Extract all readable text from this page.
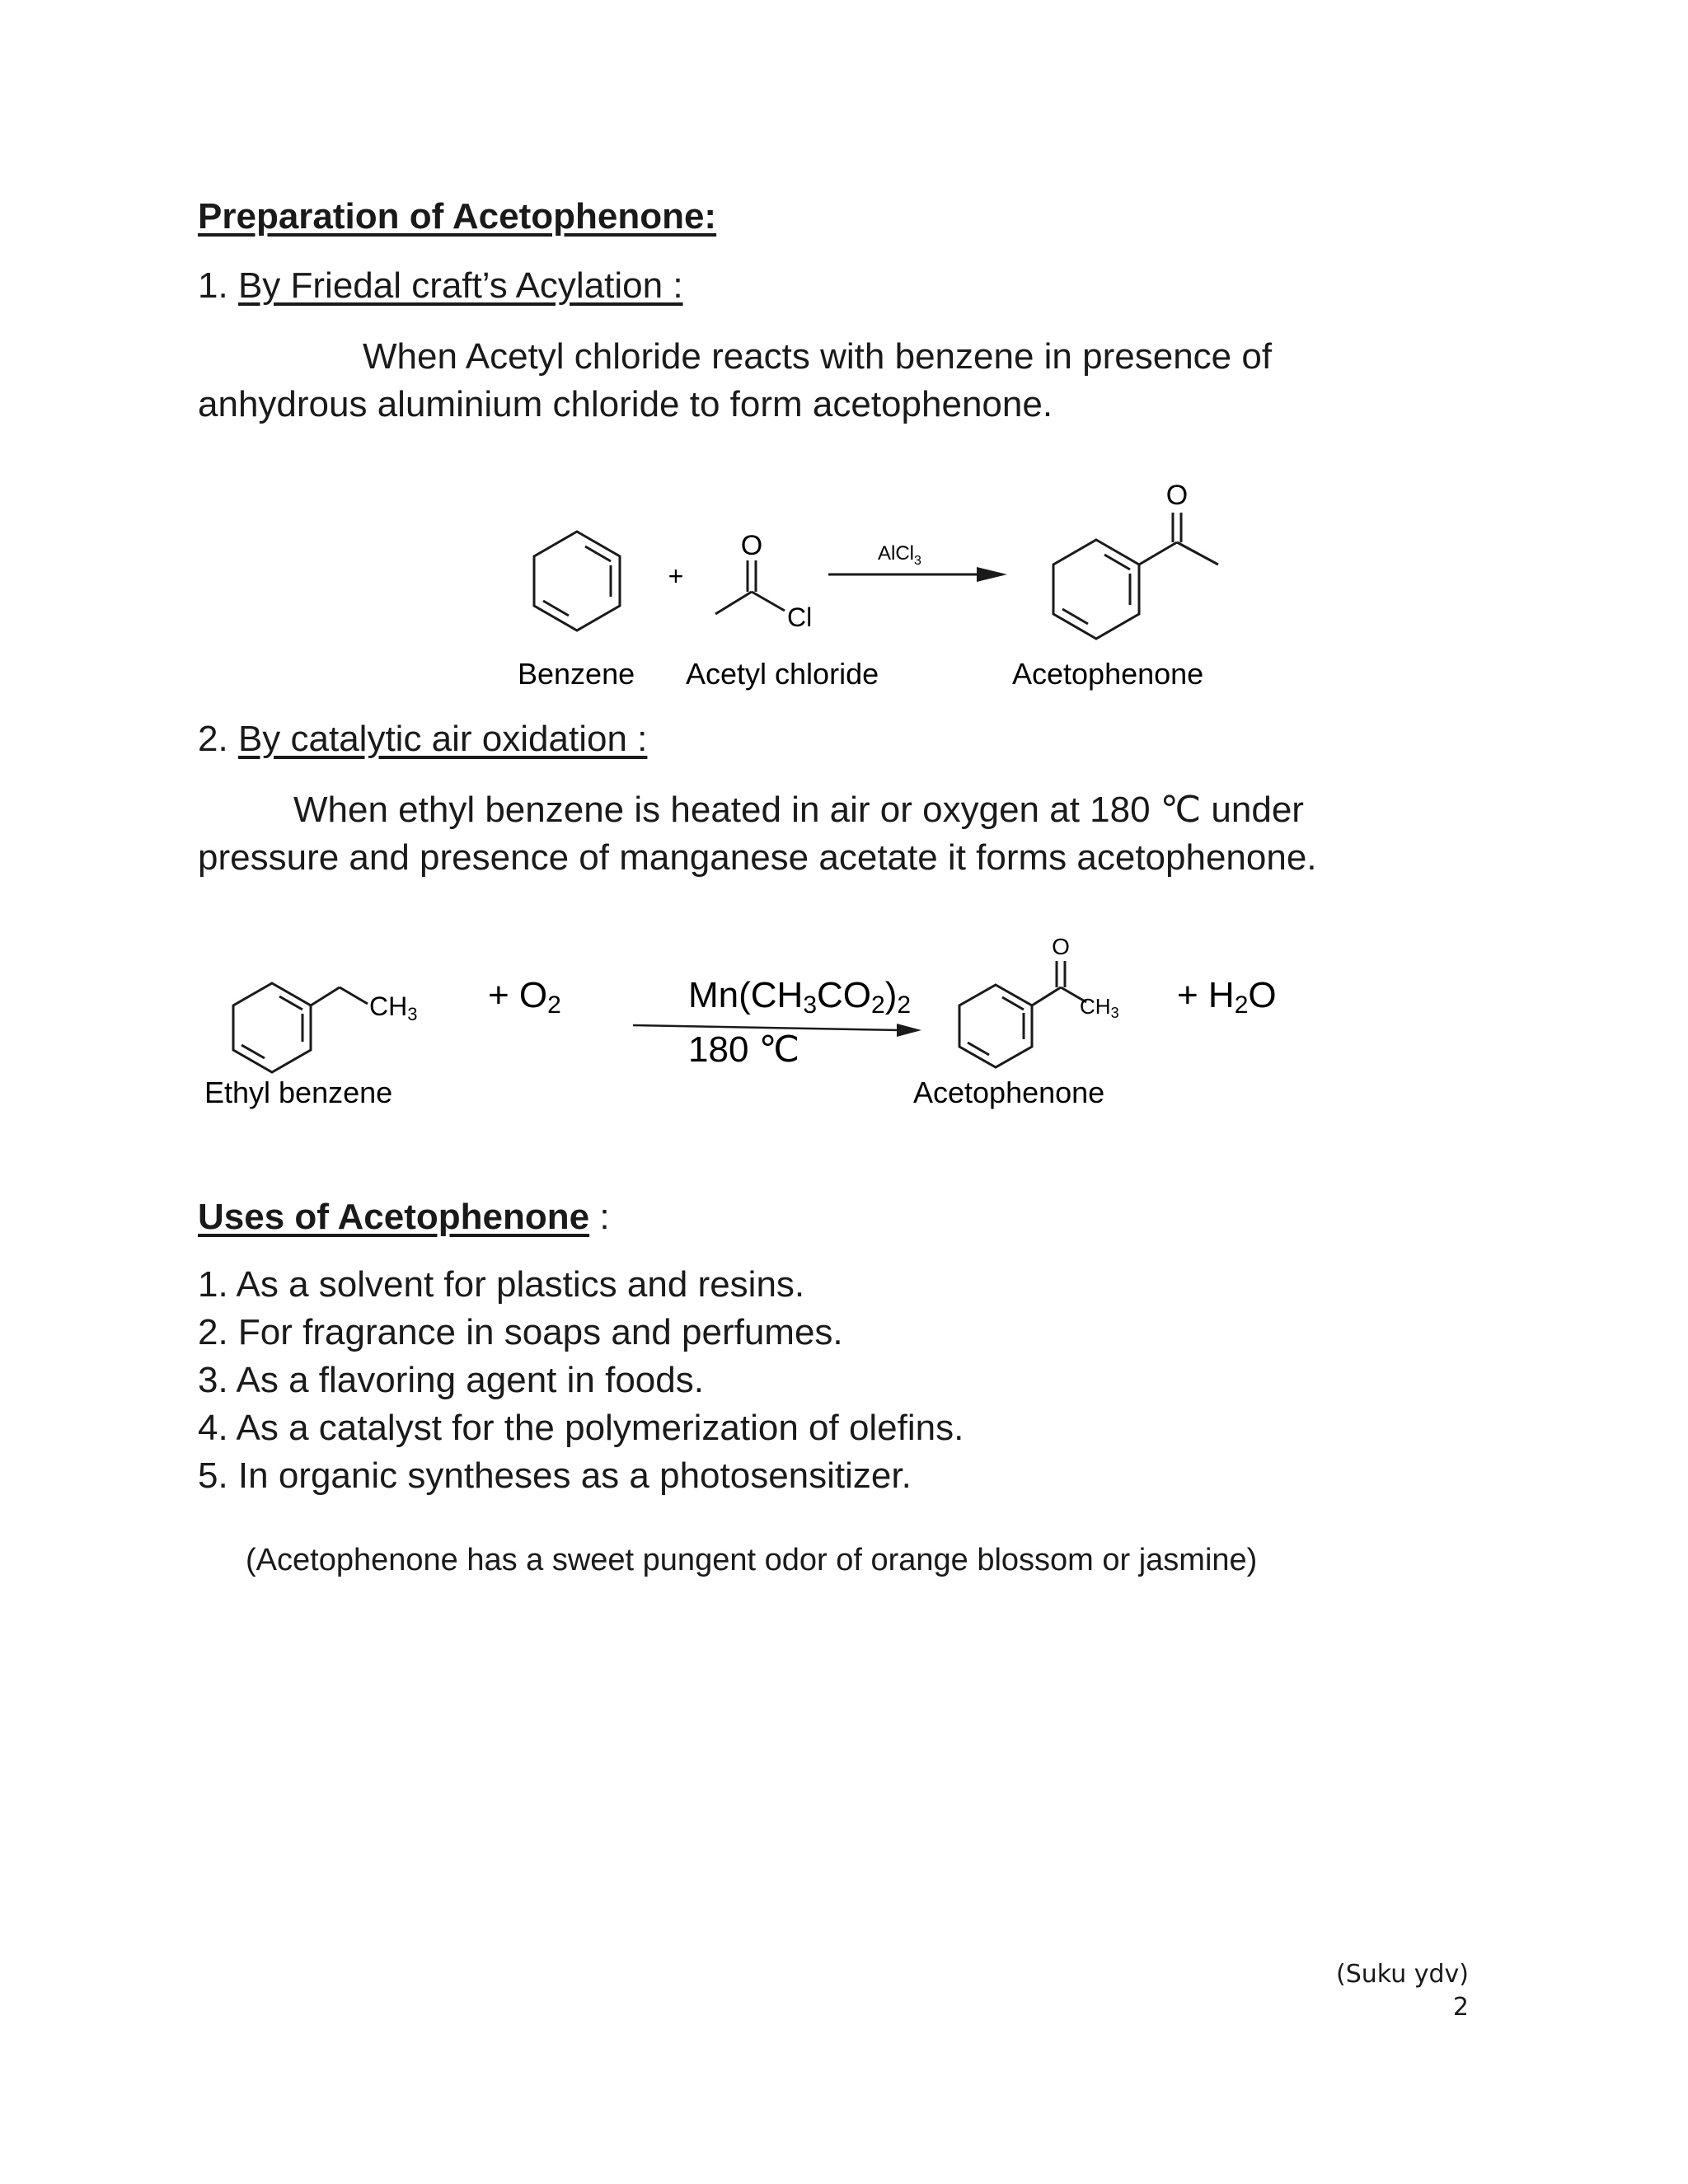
Preparation of Acetophenone:
1. By Friedal craft’s Acylation :
When Acetyl chloride reacts with benzene in presence of
anhydrous aluminium chloride to form acetophenone.
+
O
Cl
AlCl$_3$
O
Benzene Acetyl chloride	Acetophenone
2. By catalytic air oxidation :
When ethyl benzene is heated in air or oxygen at 180 ℃ under
pressure and presence of manganese acetate it forms acetophenone.
CH3 + O2	Mn(CH3CO2)2
180 ℃
O
CH3 + H2O
Ethyl benzene	Acetophenone
Uses of Acetophenone :
1. As a solvent for plastics and resins.
2. For fragrance in soaps and perfumes.
3. As a flavoring agent in foods.
4. As a catalyst for the polymerization of olefins.
5. In organic syntheses as a photosensitizer.
(Acetophenone has a sweet pungent odor of orange blossom or jasmine)
(Suku ydv)
2
